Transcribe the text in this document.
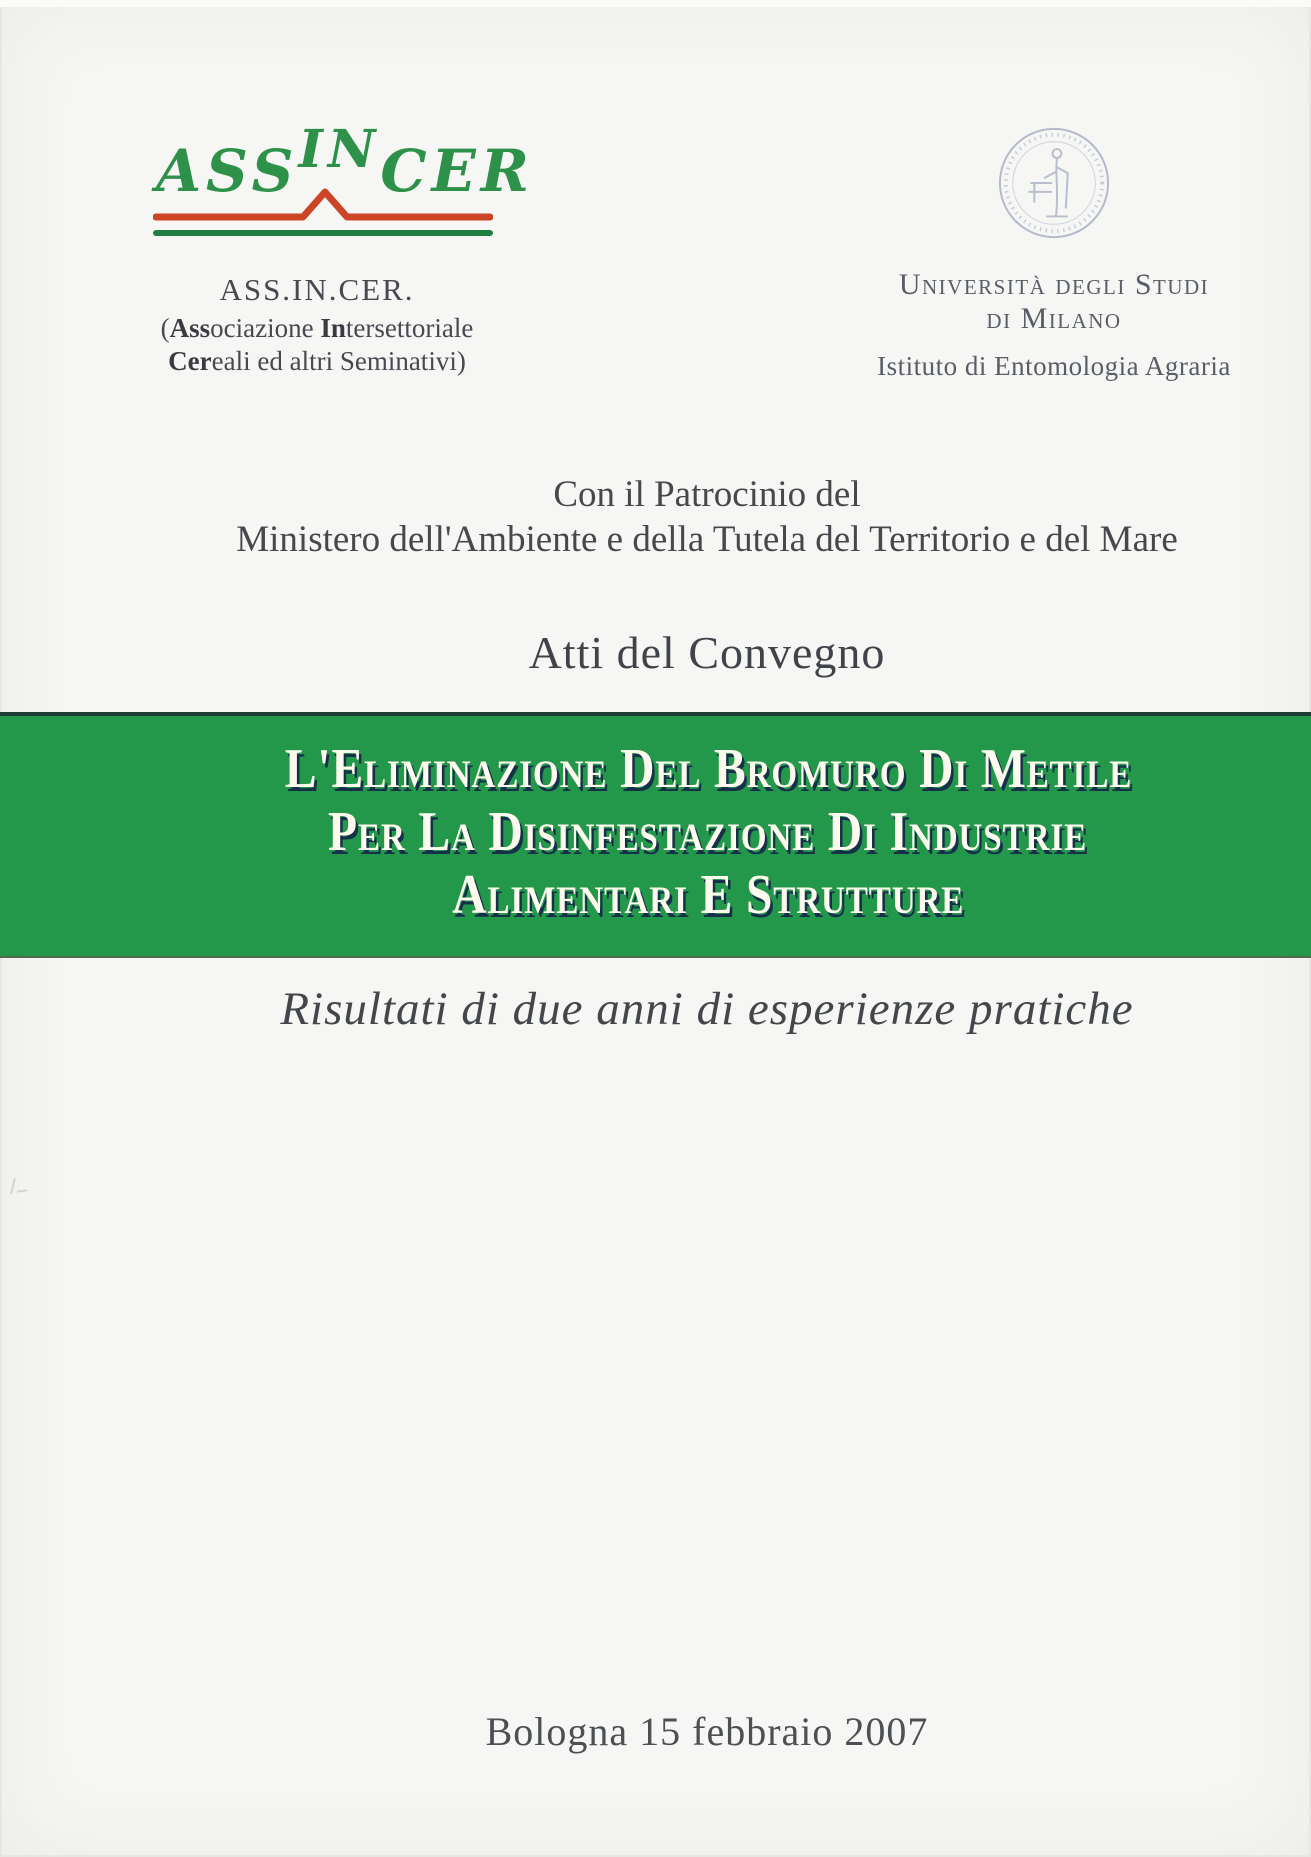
ASSINCER
ASS.IN.CER.
(Associazione Intersettoriale
Cereali ed altri Seminativi)
Università degli Studi
di Milano
Istituto di Entomologia Agraria
Con il Patrocinio del
Ministero dell'Ambiente e della Tutela del Territorio e del Mare
Atti del Convegno
L'Eliminazione Del Bromuro Di Metile
Per La Disinfestazione Di Industrie
Alimentari E Strutture
Risultati di due anni di esperienze pratiche
Bologna 15 febbraio 2007
